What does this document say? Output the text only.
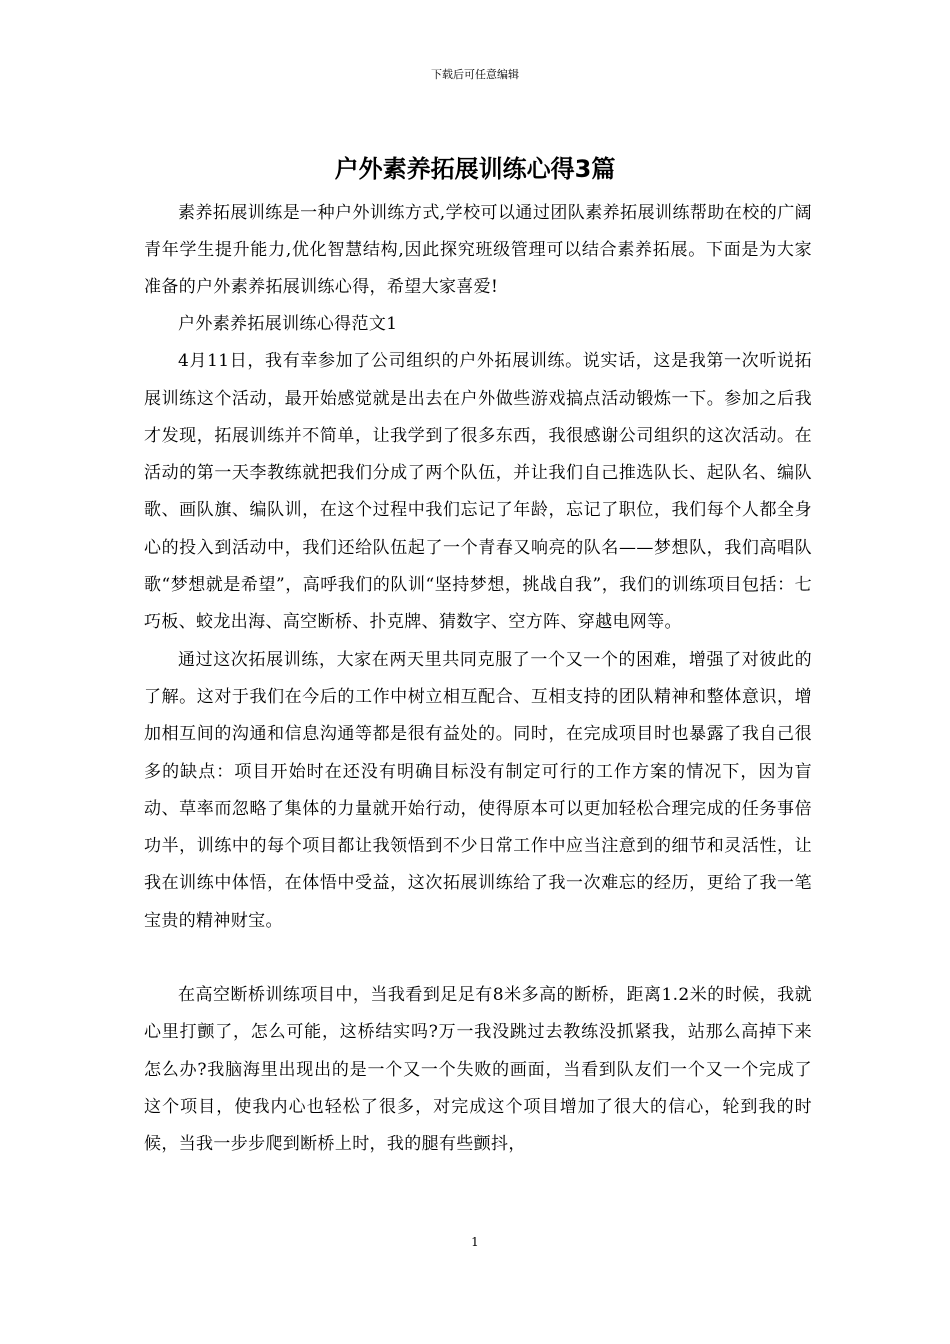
下载后可任意编辑
户外素养拓展训练心得3篇

素养拓展训练是一种户外训练方式,学校可以通过团队素养拓展训练帮助在校的广阔青年学生提升能力,优化智慧结构,因此探究班级管理可以结合素养拓展。下面是为大家准备的户外素养拓展训练心得，希望大家喜爱!

户外素养拓展训练心得范文1

4月11日，我有幸参加了公司组织的户外拓展训练。说实话，这是我第一次听说拓展训练这个活动，最开始感觉就是出去在户外做些游戏搞点活动锻炼一下。参加之后我才发现，拓展训练并不简单，让我学到了很多东西，我很感谢公司组织的这次活动。在活动的第一天李教练就把我们分成了两个队伍，并让我们自己推选队长、起队名、编队歌、画队旗、编队训，在这个过程中我们忘记了年龄，忘记了职位，我们每个人都全身心的投入到活动中，我们还给队伍起了一个青春又响亮的队名——梦想队，我们高唱队歌“梦想就是希望”，高呼我们的队训“坚持梦想，挑战自我”，我们的训练项目包括：七巧板、蛟龙出海、高空断桥、扑克牌、猜数字、空方阵、穿越电网等。

通过这次拓展训练，大家在两天里共同克服了一个又一个的困难，增强了对彼此的了解。这对于我们在今后的工作中树立相互配合、互相支持的团队精神和整体意识，增加相互间的沟通和信息沟通等都是很有益处的。同时，在完成项目时也暴露了我自己很多的缺点：项目开始时在还没有明确目标没有制定可行的工作方案的情况下，因为盲动、草率而忽略了集体的力量就开始行动，使得原本可以更加轻松合理完成的任务事倍功半，训练中的每个项目都让我领悟到不少日常工作中应当注意到的细节和灵活性，让我在训练中体悟，在体悟中受益，这次拓展训练给了我一次难忘的经历，更给了我一笔宝贵的精神财宝。

在高空断桥训练项目中，当我看到足足有8米多高的断桥，距离1.2米的时候，我就心里打颤了，怎么可能，这桥结实吗?万一我没跳过去教练没抓紧我，站那么高掉下来怎么办?我脑海里出现出的是一个又一个失败的画面，当看到队友们一个又一个完成了这个项目，使我内心也轻松了很多，对完成这个项目增加了很大的信心，轮到我的时候，当我一步步爬到断桥上时，我的腿有些颤抖，

1
